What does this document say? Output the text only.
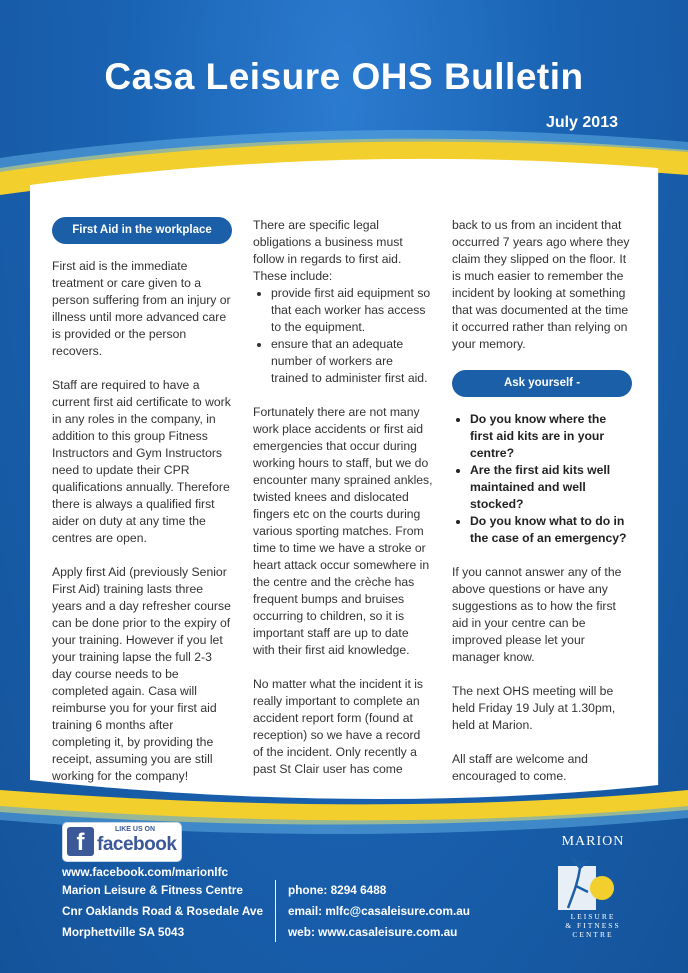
Casa Leisure OHS Bulletin
July 2013
First Aid in the workplace

First aid is the immediate treatment or care given to a person suffering from an injury or illness until more advanced care is provided or the person recovers.

Staff are required to have a current first aid certificate to work in any roles in the company, in addition to this group Fitness Instructors and Gym Instructors need to update their CPR qualifications annually. Therefore there is always a qualified first aider on duty at any time the centres are open.

Apply first Aid (previously Senior First Aid) training lasts three years and a day refresher course can be done prior to the expiry of your training. However if you let your training lapse the full 2-3 day course needs to be completed again. Casa will reimburse you for your first aid training 6 months after completing it, by providing the receipt, assuming you are still working for the company!

There are specific legal obligations a business must follow in regards to first aid. These include:

• provide first aid equipment so that each worker has access to the equipment.
• ensure that an adequate number of workers are trained to administer first aid.

Fortunately there are not many work place accidents or first aid emergencies that occur during working hours to staff, but we do encounter many sprained ankles, twisted knees and dislocated fingers etc on the courts during various sporting matches. From time to time we have a stroke or heart attack occur somewhere in the centre and the crèche has frequent bumps and bruises occurring to children, so it is important staff are up to date with their first aid knowledge.

No matter what the incident it is really important to complete an accident report form (found at reception) so we have a record of the incident. Only recently a past St Clair user has come

back to us from an incident that occurred 7 years ago where they claim they slipped on the floor. It is much easier to remember the incident by looking at something that was documented at the time it occurred rather than relying on your memory.

Ask yourself -
• Do you know where the first aid kits are in your centre?
• Are the first aid kits well maintained and well stocked?
• Do you know what to do in the case of an emergency?

If you cannot answer any of the above questions or have any suggestions as to how the first aid in your centre can be improved please let your manager know.

The next OHS meeting will be held Friday 19 July at 1.30pm, held at Marion.

All staff are welcome and encouraged to come.

f	LIKE US ON
facebook
www.facebook.com/marionlfc
Marion Leisure & Fitness Centre
Cnr Oaklands Road & Rosedale Ave
Morphettville SA 5043
phone: 8294 6488
email: mlfc@casaleisure.com.au
web: www.casaleisure.com.au
MARION
LEISURE
& FITNESS
CENTRE
